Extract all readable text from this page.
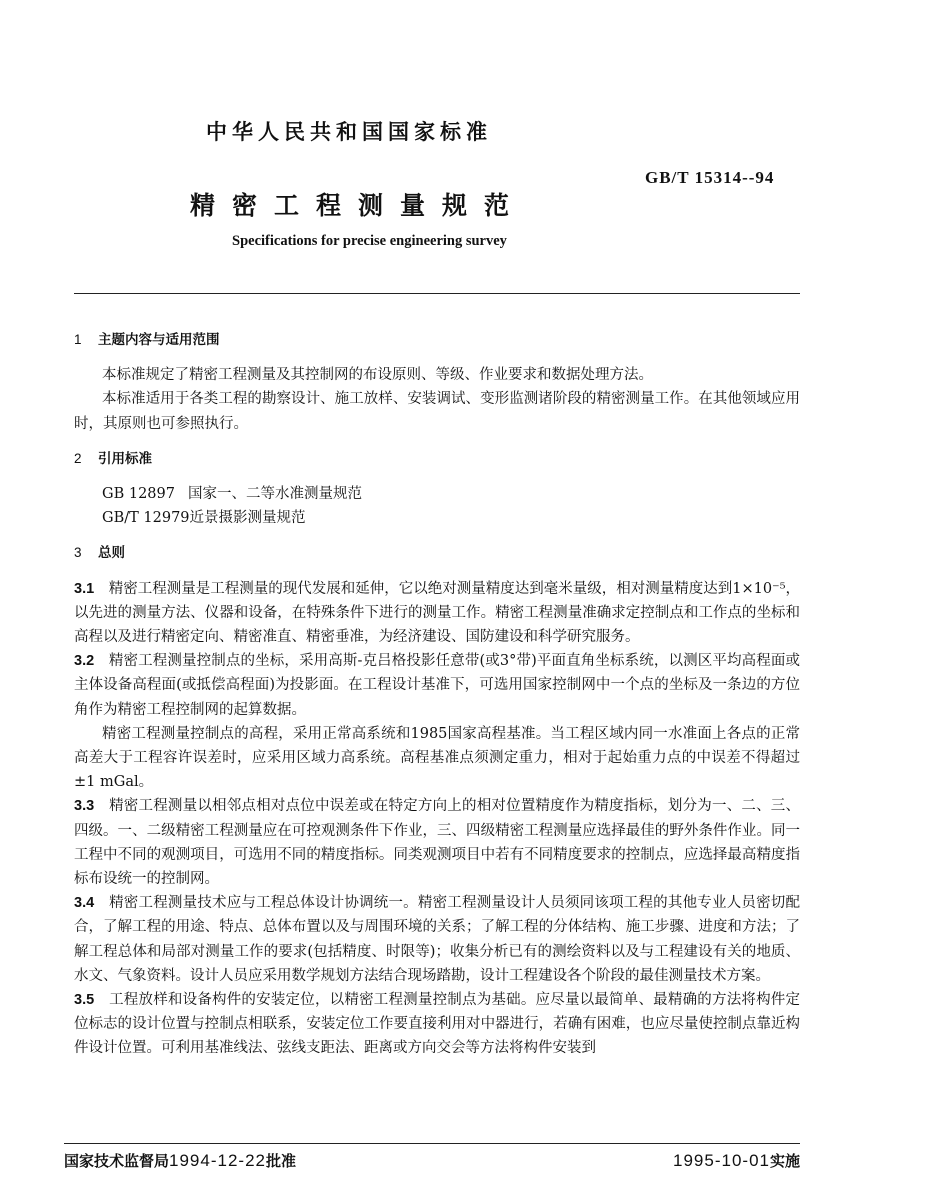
中华人民共和国国家标准
GB/T 15314--94
精密工程测量规范
Specifications for precise engineering survey

1 主题内容与适用范围

本标准规定了精密工程测量及其控制网的布设原则、等级、作业要求和数据处理方法。

本标准适用于各类工程的勘察设计、施工放样、安装调试、变形监测诸阶段的精密测量工作。在其他领域应用时，其原则也可参照执行。

2 引用标准

GB 12897 国家一、二等水准测量规范

GB/T 12979近景摄影测量规范

3 总则

3.1　 精密工程测量是工程测量的现代发展和延伸，它以绝对测量精度达到毫米量级，相对测量精度达到1×10⁻⁵，以先进的测量方法、仪器和设备，在特殊条件下进行的测量工作。精密工程测量准确求定控制点和工作点的坐标和高程以及进行精密定向、精密准直、精密垂准，为经济建设、国防建设和科学研究服务。

3.2　 精密工程测量控制点的坐标，采用高斯-克吕格投影任意带(或3°带)平面直角坐标系统，以测区平均高程面或主体设备高程面(或抵偿高程面)为投影面。在工程设计基准下，可选用国家控制网中一个点的坐标及一条边的方位角作为精密工程控制网的起算数据。

精密工程测量控制点的高程，采用正常高系统和1985国家高程基准。当工程区域内同一水准面上各点的正常高差大于工程容许误差时，应采用区域力高系统。高程基准点须测定重力，相对于起始重力点的中误差不得超过±1 mGal。

3.3　 精密工程测量以相邻点相对点位中误差或在特定方向上的相对位置精度作为精度指标，划分为一、二、三、四级。一、二级精密工程测量应在可控观测条件下作业，三、四级精密工程测量应选择最佳的野外条件作业。同一工程中不同的观测项目，可选用不同的精度指标。同类观测项目中若有不同精度要求的控制点，应选择最高精度指标布设统一的控制网。

3.4　 精密工程测量技术应与工程总体设计协调统一。精密工程测量设计人员须同该项工程的其他专业人员密切配合，了解工程的用途、特点、总体布置以及与周围环境的关系；了解工程的分体结构、施工步骤、进度和方法；了解工程总体和局部对测量工作的要求(包括精度、时限等)；收集分析已有的测绘资料以及与工程建设有关的地质、水文、气象资料。设计人员应采用数学规划方法结合现场踏勘，设计工程建设各个阶段的最佳测量技术方案。

3.5　 工程放样和设备构件的安装定位，以精密工程测量控制点为基础。应尽量以最简单、最精确的方法将构件定位标志的设计位置与控制点相联系，安装定位工作要直接利用对中器进行，若确有困难，也应尽量使控制点靠近构件设计位置。可利用基准线法、弦线支距法、距离或方向交会等方法将构件安装到

国家技术监督局1994-12-22批准	1995-10-01实施
